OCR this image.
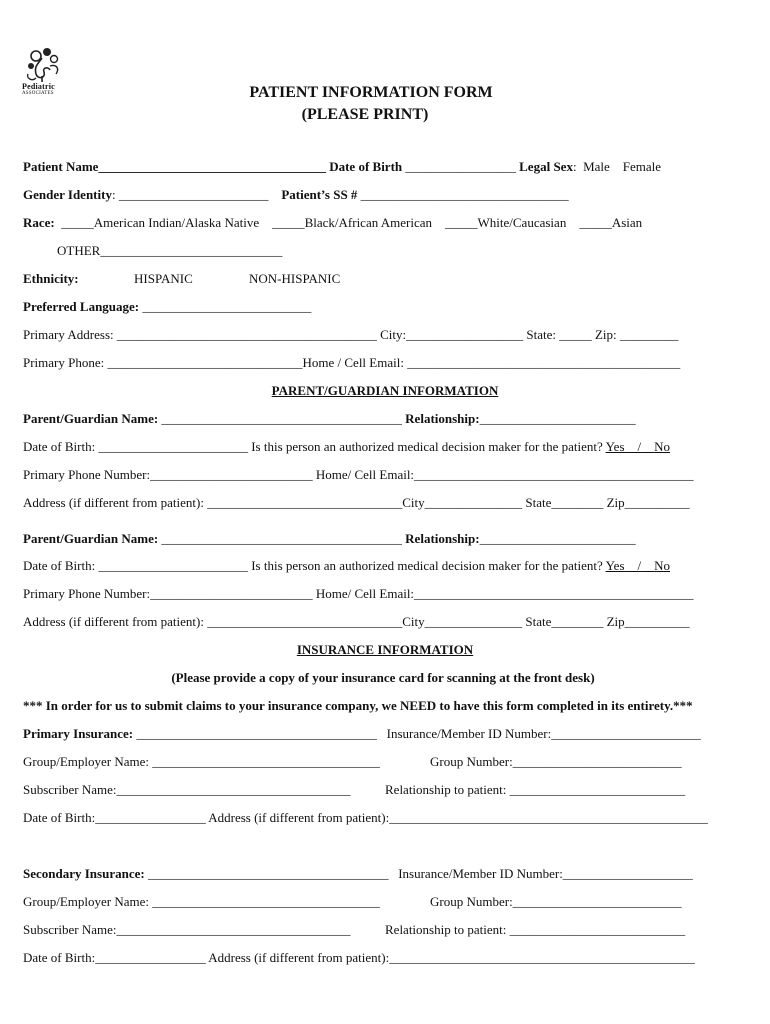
Pediatric
ASSOCIATES	PATIENT INFORMATION FORM
(PLEASE PRINT)
Patient Name___________________________________ Date of Birth _________________ Legal Sex: Male Female
Gender Identity: _______________________ Patient’s SS # ________________________________
Race: _____American Indian/Alaska Native _____Black/African American _____White/Caucasian _____Asian
OTHER____________________________
Ethnicity:	HISPANIC	NON-HISPANIC
Preferred Language: __________________________
Primary Address: ________________________________________ City:__________________ State: _____ Zip: _________
Primary Phone: ______________________________Home / Cell Email: __________________________________________
PARENT/GUARDIAN INFORMATION
Parent/Guardian Name: _____________________________________ Relationship:________________________
Date of Birth: _______________________ Is this person an authorized medical decision maker for the patient? Yes / No
Primary Phone Number:_________________________ Home/ Cell Email:___________________________________________
Address (if different from patient): ______________________________City_______________ State________ Zip__________
Parent/Guardian Name: _____________________________________ Relationship:________________________
Date of Birth: _______________________ Is this person an authorized medical decision maker for the patient? Yes / No
Primary Phone Number:_________________________ Home/ Cell Email:___________________________________________
Address (if different from patient): ______________________________City_______________ State________ Zip__________
INSURANCE INFORMATION
(Please provide a copy of your insurance card for scanning at the front desk)
*** In order for us to submit claims to your insurance company, we NEED to have this form completed in its entirety.***
Primary Insurance: _____________________________________ Insurance/Member ID Number:_______________________
Group/Employer Name: ___________________________________	Group Number:__________________________
Subscriber Name:____________________________________	Relationship to patient: ___________________________
Date of Birth:_________________ Address (if different from patient):_________________________________________________
Secondary Insurance: _____________________________________ Insurance/Member ID Number:____________________
Group/Employer Name: ___________________________________	Group Number:__________________________
Subscriber Name:____________________________________	Relationship to patient: ___________________________
Date of Birth:_________________ Address (if different from patient):_______________________________________________
